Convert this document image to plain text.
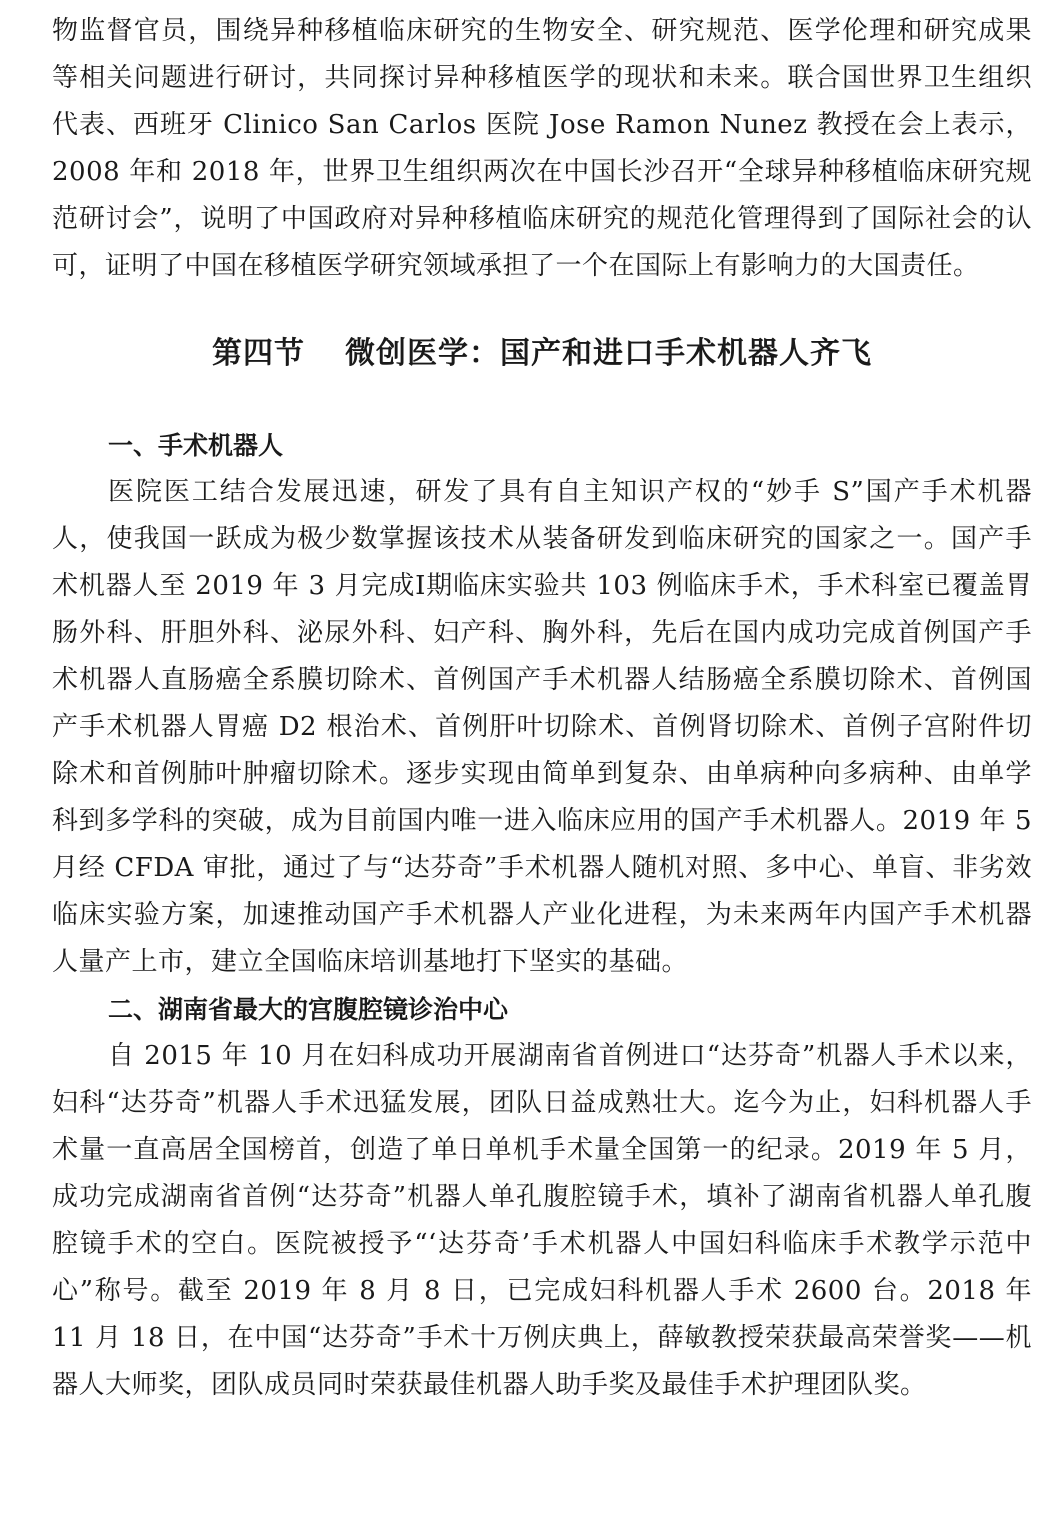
物监督官员，围绕异种移植临床研究的生物安全、研究规范、医学伦理和研究成果等相关问题进行研讨，共同探讨异种移植医学的现状和未来。联合国世界卫生组织代表、西班牙 Clinico San Carlos 医院 Jose Ramon Nunez 教授在会上表示，2008 年和 2018 年，世界卫生组织两次在中国长沙召开“全球异种移植临床研究规范研讨会”，说明了中国政府对异种移植临床研究的规范化管理得到了国际社会的认可，证明了中国在移植医学研究领域承担了一个在国际上有影响力的大国责任。

第四节 微创医学：国产和进口手术机器人齐飞
一、手术机器人

医院医工结合发展迅速，研发了具有自主知识产权的“妙手 S”国产手术机器人，使我国一跃成为极少数掌握该技术从装备研发到临床研究的国家之一。国产手术机器人至 2019 年 3 月完成Ⅰ期临床实验共 103 例临床手术，手术科室已覆盖胃肠外科、肝胆外科、泌尿外科、妇产科、胸外科，先后在国内成功完成首例国产手术机器人直肠癌全系膜切除术、首例国产手术机器人结肠癌全系膜切除术、首例国产手术机器人胃癌 D2 根治术、首例肝叶切除术、首例肾切除术、首例子宫附件切除术和首例肺叶肿瘤切除术。逐步实现由简单到复杂、由单病种向多病种、由单学科到多学科的突破，成为目前国内唯一进入临床应用的国产手术机器人。2019 年 5 月经 CFDA 审批，通过了与“达芬奇”手术机器人随机对照、多中心、单盲、非劣效临床实验方案，加速推动国产手术机器人产业化进程，为未来两年内国产手术机器人量产上市，建立全国临床培训基地打下坚实的基础。

二、湖南省最大的宫腹腔镜诊治中心

自 2015 年 10 月在妇科成功开展湖南省首例进口“达芬奇”机器人手术以来，妇科“达芬奇”机器人手术迅猛发展，团队日益成熟壮大。迄今为止，妇科机器人手术量一直高居全国榜首，创造了单日单机手术量全国第一的纪录。2019 年 5 月，成功完成湖南省首例“达芬奇”机器人单孔腹腔镜手术，填补了湖南省机器人单孔腹腔镜手术的空白。医院被授予“‘达芬奇’手术机器人中国妇科临床手术教学示范中心”称号。截至 2019 年 8 月 8 日，已完成妇科机器人手术 2600 台。2018 年 11 月 18 日，在中国“达芬奇”手术十万例庆典上，薛敏教授荣获最高荣誉奖——机器人大师奖，团队成员同时荣获最佳机器人助手奖及最佳手术护理团队奖。
